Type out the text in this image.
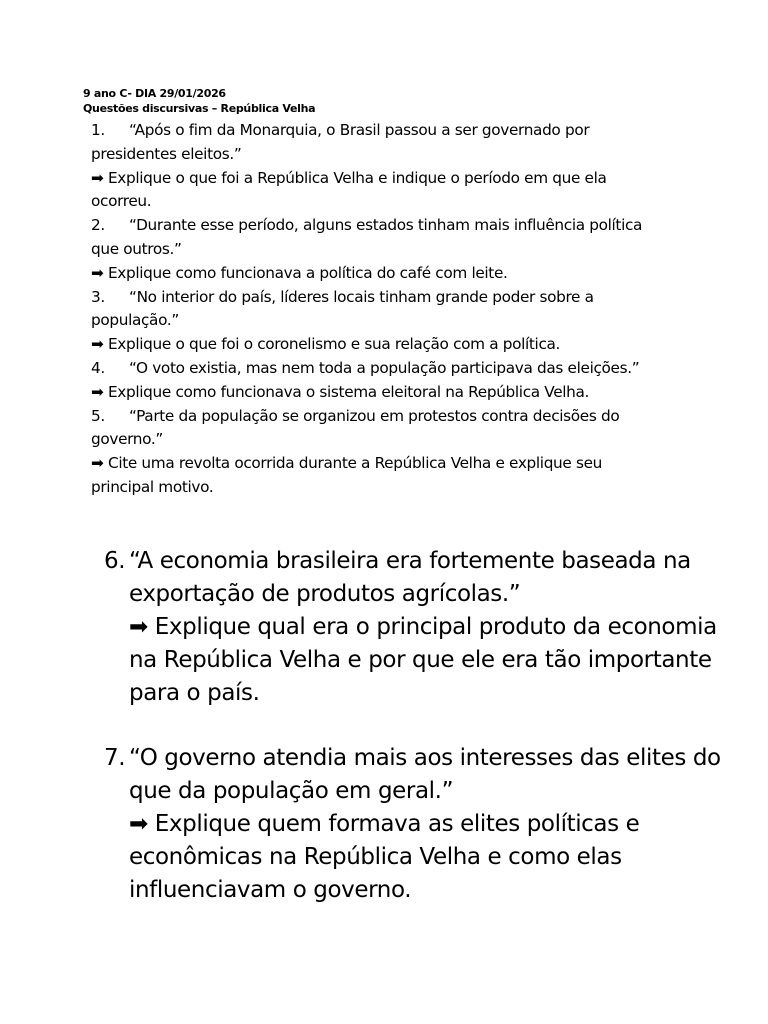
9 ano C- DIA 29/01/2026
Questões discursivas – República Velha
1. “Após o fim da Monarquia, o Brasil passou a ser governado por
presidentes eleitos.”
➡ Explique o que foi a República Velha e indique o período em que ela
ocorreu.
2. “Durante esse período, alguns estados tinham mais influência política
que outros.”
➡ Explique como funcionava a política do café com leite.
3. “No interior do país, líderes locais tinham grande poder sobre a
população.”
➡ Explique o que foi o coronelismo e sua relação com a política.
4. “O voto existia, mas nem toda a população participava das eleições.”
➡ Explique como funcionava o sistema eleitoral na República Velha.
5. “Parte da população se organizou em protestos contra decisões do
governo.”
➡ Cite uma revolta ocorrida durante a República Velha e explique seu
principal motivo.
6. “A economia brasileira era fortemente baseada na
exportação de produtos agrícolas.”
➡ Explique qual era o principal produto da economia
na República Velha e por que ele era tão importante
para o país.
7. “O governo atendia mais aos interesses das elites do
que da população em geral.”
➡ Explique quem formava as elites políticas e
econômicas na República Velha e como elas
influenciavam o governo.
